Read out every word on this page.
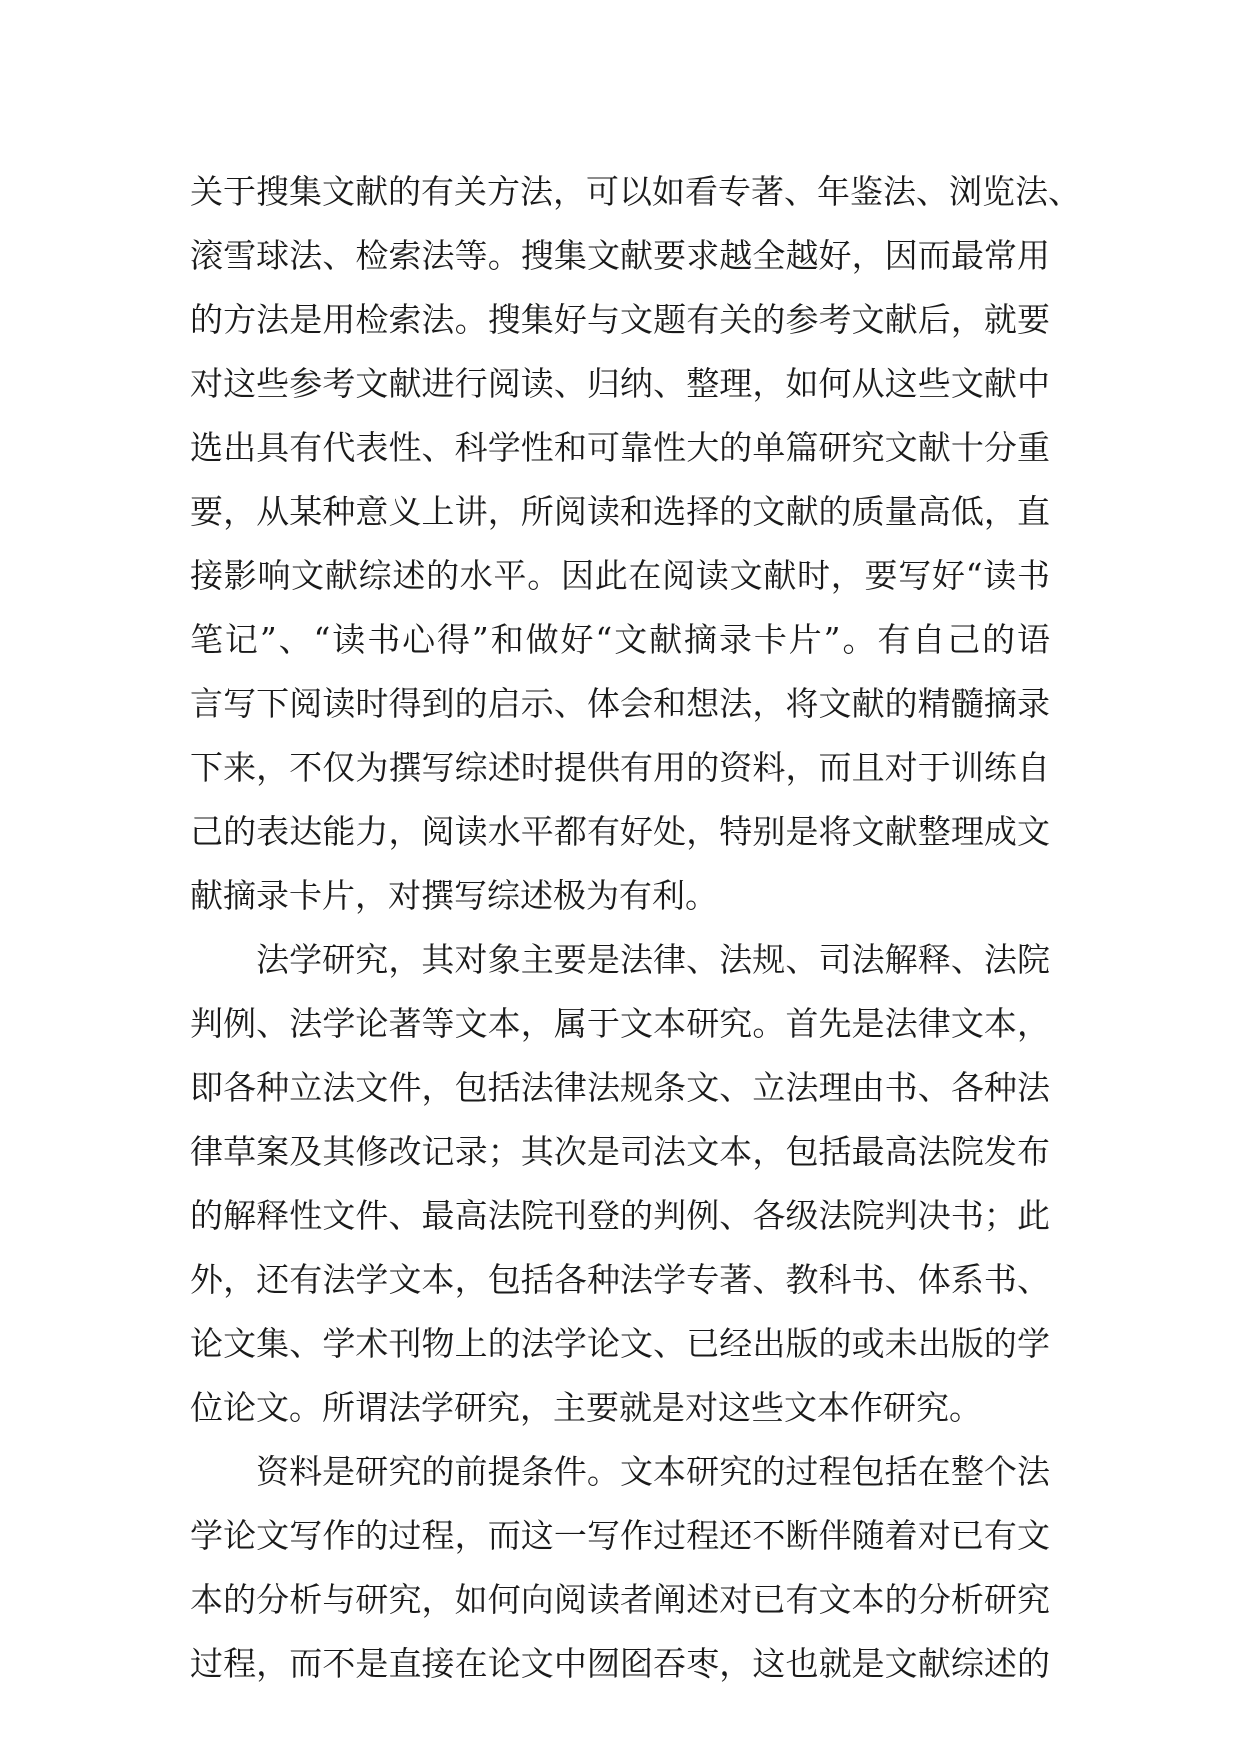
关于搜集文献的有关方法，可以如看专著、年鉴法、浏览法、
滚雪球法、检索法等。搜集文献要求越全越好，因而最常用
的方法是用检索法。搜集好与文题有关的参考文献后，就要
对这些参考文献进行阅读、归纳、整理，如何从这些文献中
选出具有代表性、科学性和可靠性大的单篇研究文献十分重
要，从某种意义上讲，所阅读和选择的文献的质量高低，直
接影响文献综述的水平。因此在阅读文献时，要写好“读书
笔记”、“读书心得”和做好“文献摘录卡片”。有自己的语
言写下阅读时得到的启示、体会和想法，将文献的精髓摘录
下来，不仅为撰写综述时提供有用的资料，而且对于训练自
己的表达能力，阅读水平都有好处，特别是将文献整理成文
献摘录卡片，对撰写综述极为有利。
法学研究，其对象主要是法律、法规、司法解释、法院
判例、法学论著等文本，属于文本研究。首先是法律文本，
即各种立法文件，包括法律法规条文、立法理由书、各种法
律草案及其修改记录；其次是司法文本，包括最高法院发布
的解释性文件、最高法院刊登的判例、各级法院判决书；此
外，还有法学文本，包括各种法学专著、教科书、体系书、
论文集、学术刊物上的法学论文、已经出版的或未出版的学
位论文。所谓法学研究，主要就是对这些文本作研究。
资料是研究的前提条件。文本研究的过程包括在整个法
学论文写作的过程，而这一写作过程还不断伴随着对已有文
本的分析与研究，如何向阅读者阐述对已有文本的分析研究
过程，而不是直接在论文中囫囵吞枣，这也就是文献综述的
